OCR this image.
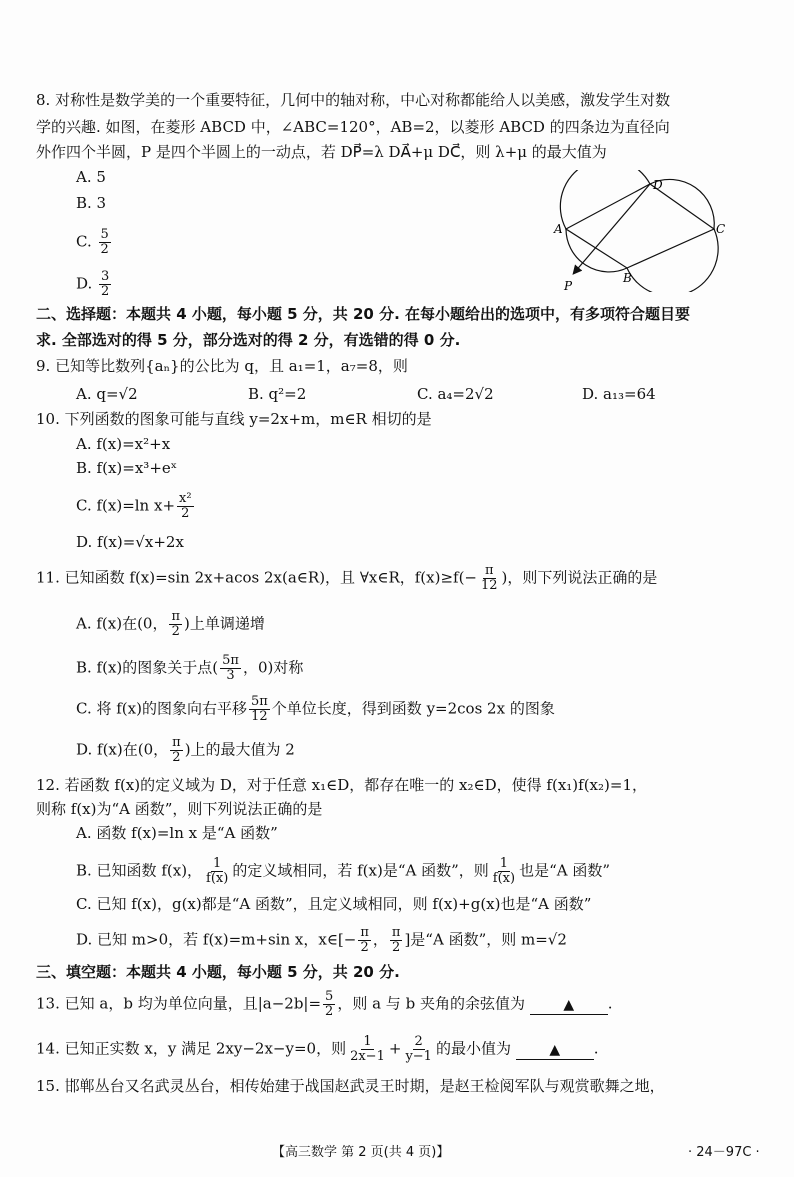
8. 对称性是数学美的一个重要特征，几何中的轴对称，中心对称都能给人以美感，激发学生对数
学的兴趣. 如图，在菱形 ABCD 中，∠ABC=120°，AB=2，以菱形 ABCD 的四条边为直径向
外作四个半圆，P 是四个半圆上的一动点，若 DP⃗=λ DA⃗+μ DC⃗，则 λ+μ 的最大值为
A. 5
B. 3
C. $\frac{5}{2}$
D. $\frac{3}{2}$
D
A	C
B
P
二、选择题：本题共 4 小题，每小题 5 分，共 20 分. 在每小题给出的选项中，有多项符合题目要
求. 全部选对的得 5 分，部分选对的得 2 分，有选错的得 0 分.
9. 已知等比数列{aₙ}的公比为 q，且 a₁=1，a₇=8，则
A. q=√2	B. q²=2	C. a₄=2√2	D. a₁₃=64
10. 下列函数的图象可能与直线 y=2x+m，m∈R 相切的是
A. f(x)=x²+x
B. f(x)=x³+eˣ
C. f(x)=ln $x+ \frac{\text{x²}}{2}$
D. f(x)=√x+2x
11. 已知函数 f(x)=sin 2x+acos 2x(a∈R)，且 ∀x∈R，$f(x)\ge f(- \frac{\pi}{12}$ )，则下列说法正确的是
A. f(x)在(0， $\frac{\pi}{2}$ )上单调递增
B. f(x)的图象关于点( $\frac{5\pi}{3}$ ，0)对称
C. 将 f(x)的图象向右平移 $\frac{5\pi}{12}$ 个单位长度，得到函数 y=2cos 2x 的图象
D. f(x)在(0， $\frac{\pi}{2}$ )上的最大值为 2
12. 若函数 f(x)的定义域为 D，对于任意 x₁∈D，都存在唯一的 x₂∈D，使得 f(x₁)f(x₂)=1，
则称 f(x)为“A 函数”，则下列说法正确的是
A. 函数 f(x)=ln x 是“A 函数”
B. 已知函数 f(x)， $\frac{1}{f(x)}$ 的定义域相同，若 f(x)是“A 函数”，则 $\frac{1}{f(x)}$ 也是“A 函数”
C. 已知 f(x)，g(x)都是“A 函数”，且定义域相同，则 f(x)+g(x)也是“A 函数”
D. 已知 m>0，若 f(x)=m+sin x，x∈[− $\frac{\pi}{2}$ ， $\frac{\pi}{2}$ ]是“A 函数”，则 m=√2
三、填空题：本题共 4 小题，每小题 5 分，共 20 分.
13. 已知 a，b 均为单位向量，且$|a-2b|= \frac{5}{2}$ ，则 a 与 b 夹角的余弦值为	▲ .
14. 已知正实数 x，y 满足 2xy−2x−y=0，则 $\frac{1}{2x-1} + \frac{2}{y-1}$ 的最小值为	▲ .
15. 邯郸丛台又名武灵丛台，相传始建于战国赵武灵王时期，是赵王检阅军队与观赏歌舞之地，
【高三数学 第 2 页(共 4 页)】	· 24－97C ·
